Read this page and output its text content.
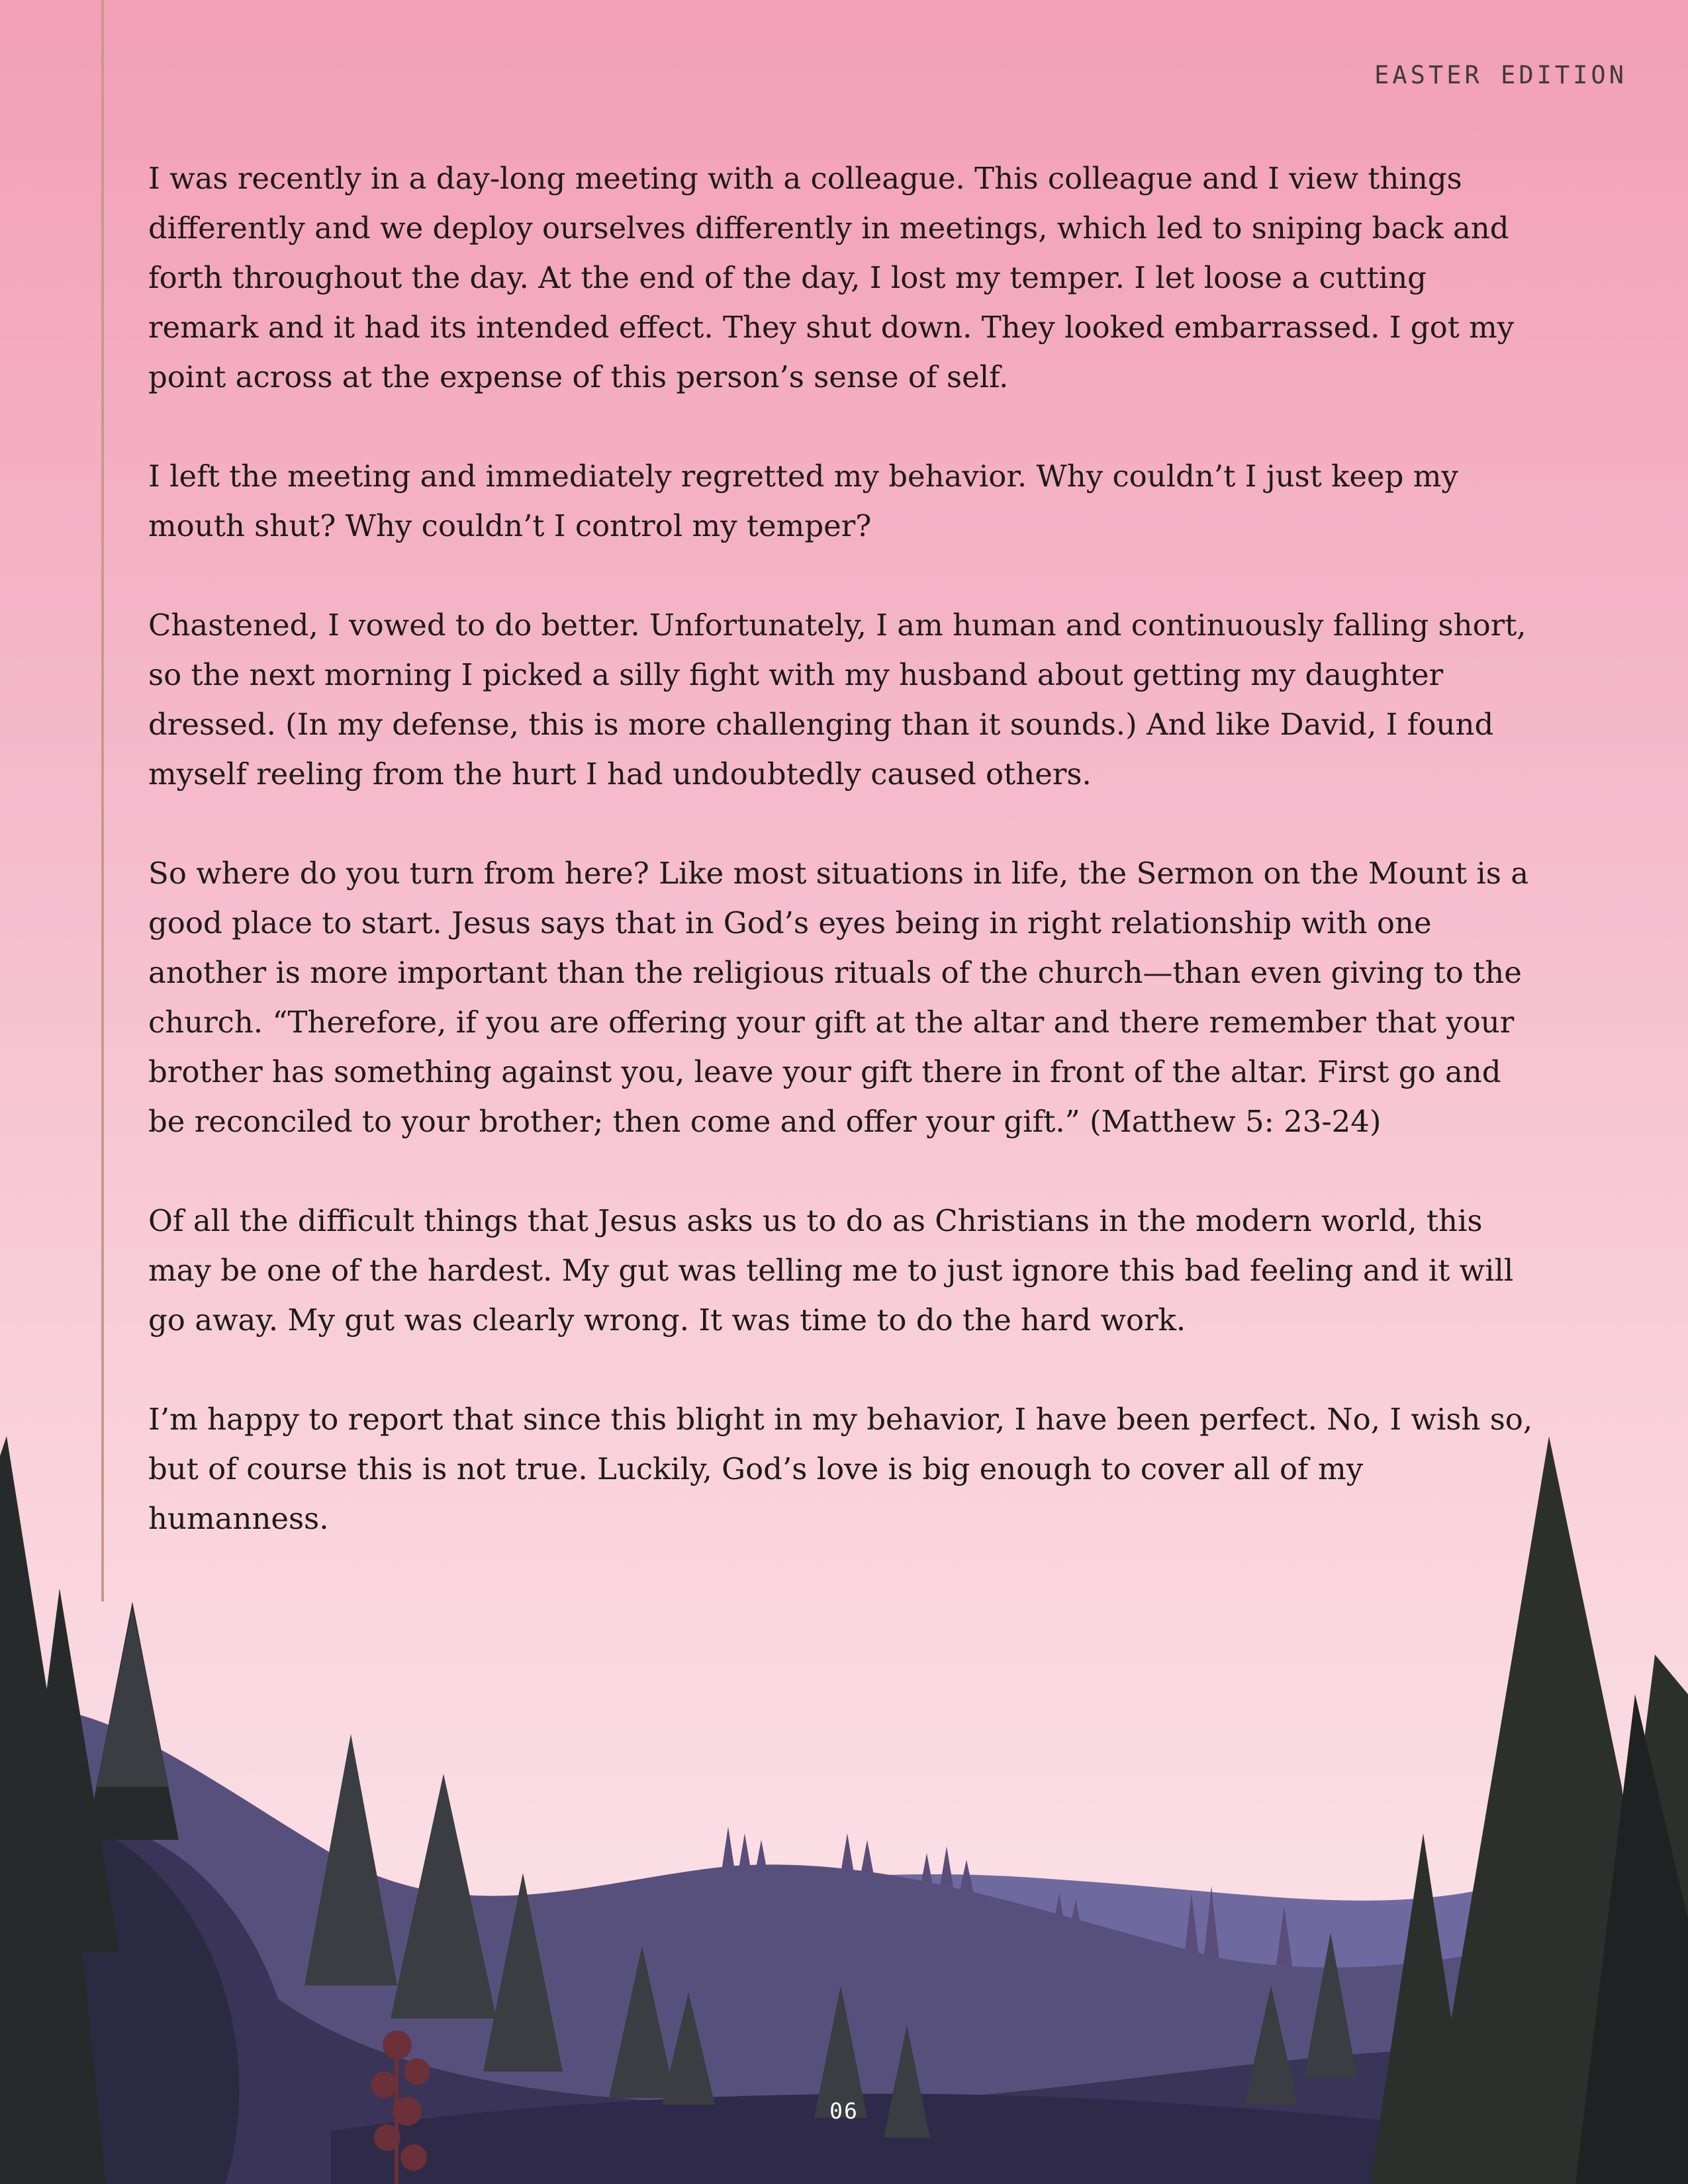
EASTER EDITION

I was recently in a day-long meeting with a colleague. This colleague and I view things differently and we deploy ourselves differently in meetings, which led to sniping back and forth throughout the day. At the end of the day, I lost my temper. I let loose a cutting remark and it had its intended effect. They shut down. They looked embarrassed. I got my point across at the expense of this person’s sense of self.

I left the meeting and immediately regretted my behavior. Why couldn’t I just keep my mouth shut? Why couldn’t I control my temper?

Chastened, I vowed to do better. Unfortunately, I am human and continuously falling short, so the next morning I picked a silly fight with my husband about getting my daughter dressed. (In my defense, this is more challenging than it sounds.) And like David, I found myself reeling from the hurt I had undoubtedly caused others.

So where do you turn from here? Like most situations in life, the Sermon on the Mount is a good place to start. Jesus says that in God’s eyes being in right relationship with one another is more important than the religious rituals of the church—than even giving to the church. “Therefore, if you are offering your gift at the altar and there remember that your brother has something against you, leave your gift there in front of the altar. First go and be reconciled to your brother; then come and offer your gift.” (Matthew 5: 23-24)

Of all the difficult things that Jesus asks us to do as Christians in the modern world, this may be one of the hardest. My gut was telling me to just ignore this bad feeling and it will go away. My gut was clearly wrong. It was time to do the hard work.

I’m happy to report that since this blight in my behavior, I have been perfect. No, I wish so, but of course this is not true. Luckily, God’s love is big enough to cover all of my humanness.

06
